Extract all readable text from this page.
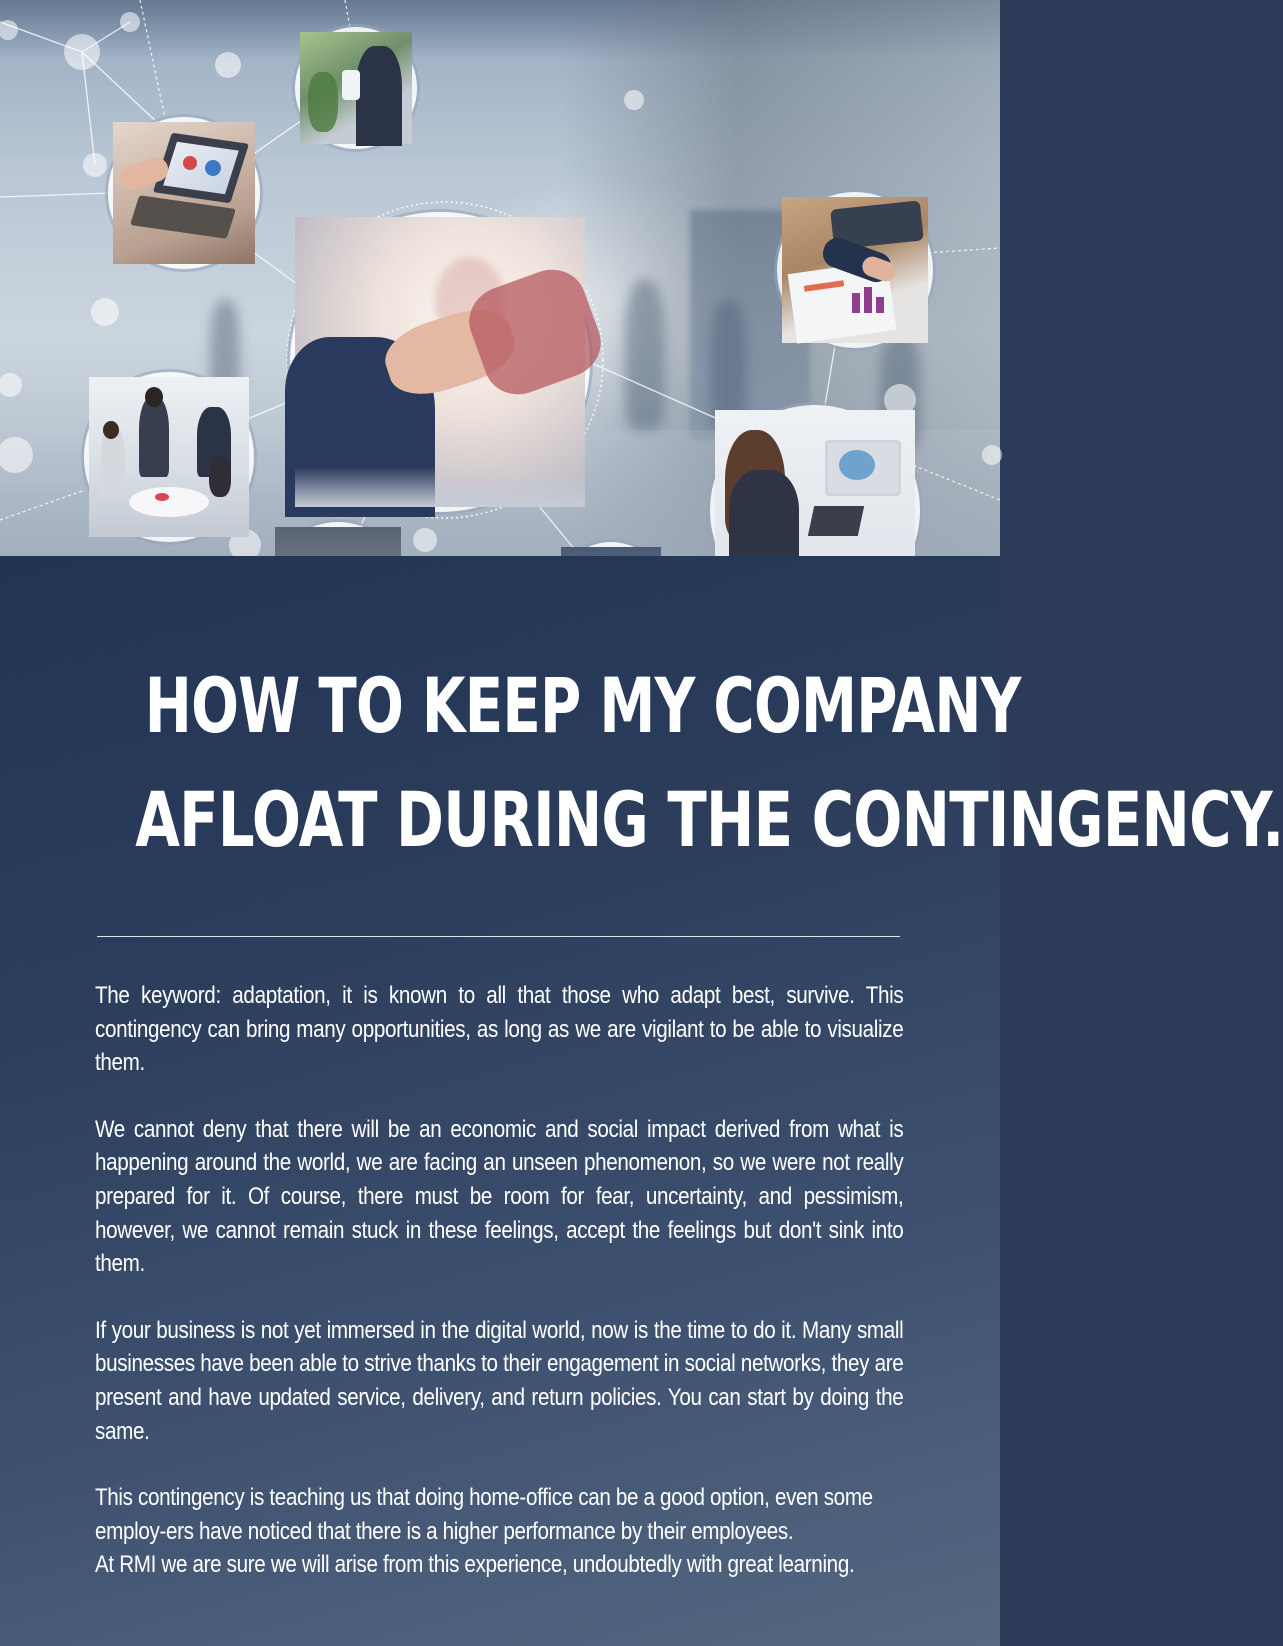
HOW TO KEEP MY COMPANY
AFLOAT DURING THE CONTINGENCY.

The keyword: adaptation, it is known to all that those who adapt best, survive. This contingency can bring many opportunities, as long as we are vigilant to be able to visualize them.

We cannot deny that there will be an economic and social impact derived from what is happening around the world, we are facing an unseen phenomenon, so we were not really prepared for it. Of course, there must be room for fear, uncertainty, and pessimism, however, we cannot remain stuck in these feelings, accept the feelings but don't sink into them.

If your business is not yet immersed in the digital world, now is the time to do it. Many small businesses have been able to strive thanks to their engagement in social networks, they are present and have updated service, delivery, and return policies. You can start by doing the same.

This contingency is teaching us that doing home-office can be a good option, even some employ-ers have noticed that there is a higher performance by their employees.
At RMI we are sure we will arise from this experience, undoubtedly with great learning.
